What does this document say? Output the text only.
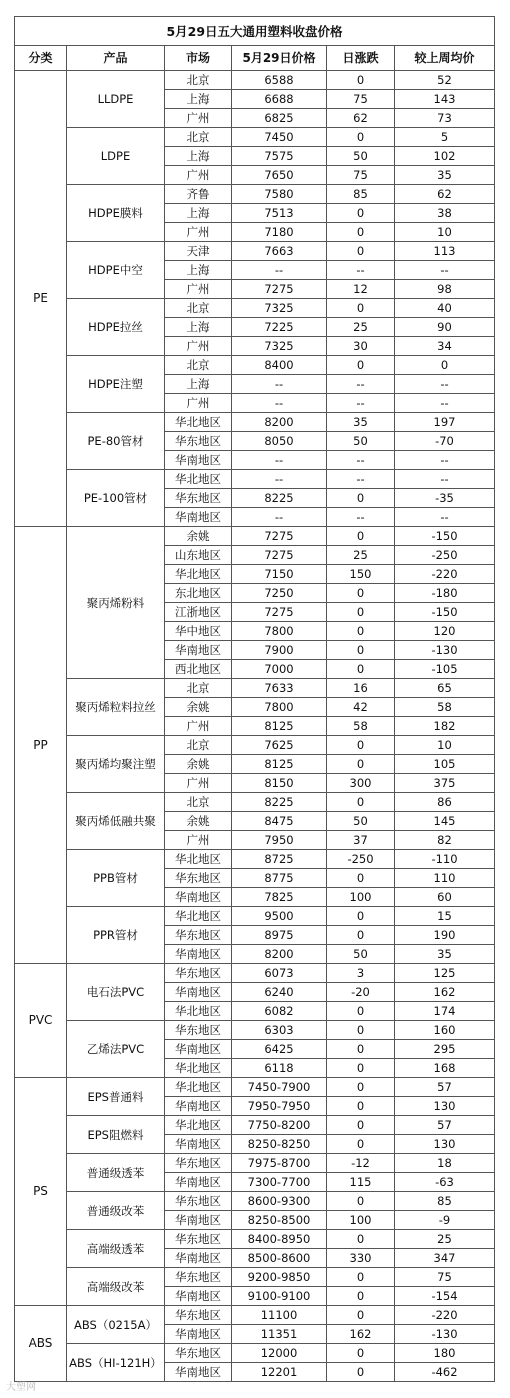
5月29日五大通用塑料收盘价格					
分类	产品	市场	5月29日价格	日涨跌	较上周均价
PE	LLDPE	北京	6588	0	52
		上海	6688	75	143
		广州	6825	62	73
	LDPE	北京	7450	0	5
		上海	7575	50	102
		广州	7650	75	35
	HDPE膜料	齐鲁	7580	85	62
		上海	7513	0	38
		广州	7180	0	10
	HDPE中空	天津	7663	0	113
		上海	--	--	--
		广州	7275	12	98
	HDPE拉丝	北京	7325	0	40
		上海	7225	25	90
		广州	7325	30	34
	HDPE注塑	北京	8400	0	0
		上海	--	--	--
		广州	--	--	--
	PE-80管材	华北地区	8200	35	197
		华东地区	8050	50	-70
		华南地区	--	--	--
	PE-100管材	华北地区	--	--	--
		华东地区	8225	0	-35
		华南地区	--	--	--
PP	聚丙烯粉料	余姚	7275	0	-150
		山东地区	7275	25	-250
		华北地区	7150	150	-220
		东北地区	7250	0	-180
		江浙地区	7275	0	-150
		华中地区	7800	0	120
		华南地区	7900	0	-130
		西北地区	7000	0	-105
	聚丙烯粒料拉丝	北京	7633	16	65
		余姚	7800	42	58
		广州	8125	58	182
	聚丙烯均聚注塑	北京	7625	0	10
		余姚	8125	0	105
		广州	8150	300	375
	聚丙烯低融共聚	北京	8225	0	86
		余姚	8475	50	145
		广州	7950	37	82
	PPB管材	华北地区	8725	-250	-110
		华东地区	8775	0	110
		华南地区	7825	100	60
	PPR管材	华北地区	9500	0	15
		华东地区	8975	0	190
		华南地区	8200	50	35
PVC	电石法PVC	华东地区	6073	3	125
		华南地区	6240	-20	162
		华北地区	6082	0	174
	乙烯法PVC	华东地区	6303	0	160
		华南地区	6425	0	295
		华北地区	6118	0	168
PS	EPS普通料	华北地区	7450-7900	0	57
		华南地区	7950-7950	0	130
	EPS阻燃料	华北地区	7750-8200	0	57
		华南地区	8250-8250	0	130
	普通级透苯	华东地区	7975-8700	-12	18
		华南地区	7300-7700	115	-63
	普通级改苯	华东地区	8600-9300	0	85
		华南地区	8250-8500	100	-9
	高端级透苯	华东地区	8400-8950	0	25
		华南地区	8500-8600	330	347
	高端级改苯	华东地区	9200-9850	0	75
		华南地区	9100-9100	0	-154
ABS	ABS（0215A）	华东地区	11100	0	-220
		华南地区	11351	162	-130
	ABS（HI-121H）	华东地区	12000	0	180
		华南地区	12201	0	-462
大塑网
